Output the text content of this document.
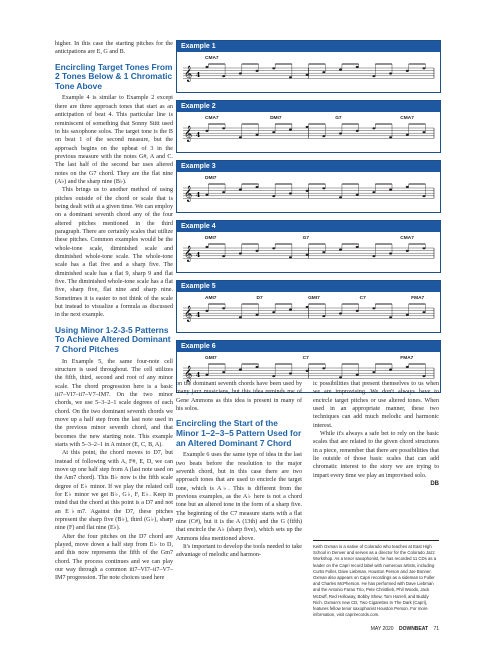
higher. In this case the starting pitches for the anticipations are E, G and B.

Encircling Target Tones From 2 Tones Below & 1 Chromatic Tone Above

Example 4 is similar to Example 2 except there are three approach tones that start as an anticipation of beat 4. This particular line is reminiscent of something that Sonny Stitt used in his saxophone solos. The target tone is the B on beat 1 of the second measure, but the approach begins on the upbeat of 3 in the previous measure with the notes G#, A and C. The last half of the second bar uses altered notes on the G7 chord. They are the flat nine (A♭) and the sharp nine (B♭).

This brings us to another method of using pitches outside of the chord or scale that is being dealt with at a given time. We can employ on a dominant seventh chord any of the four altered pitches mentioned in the third paragraph. There are certainly scales that utilize these pitches. Common examples would be the whole-tone scale, diminished scale and diminished whole-tone scale. The whole-tone scale has a flat five and a sharp five. The diminished scale has a flat 9, sharp 9 and flat five. The diminished whole-tone scale has a flat five, sharp five, flat nine and sharp nine. Sometimes it is easier to not think of the scale but instead to visualize a formula as discussed in the next example.

Using Minor 1-2-3-5 Patterns To Achieve Altered Dominant 7 Chord Pitches

In Example 5, the same four-note cell structure is used throughout. The cell utilizes the fifth, third, second and root of any minor scale. The chord progression here is a basic iii7–VI7–ii7–V7–IM7. On the two minor chords, we use 5–3–2–1 scale degrees of each chord. On the two dominant seventh chords we move up a half step from the last note used in the previous minor seventh chord, and that becomes the new starting note. This example starts with 5–3–2–1 in A minor (E, C, B, A).

At this point, the chord moves to D7, but instead of following with A, F#, E, D, we can move up one half step from A (last note used on the Am7 chord). This B♭ now is the fifth scale degree of E♭ minor. If we play the related cell for E♭ minor we get B♭, G♭, F, E♭. Keep in mind that the chord at this point is a D7 and not an E♭m7. Against the D7, these pitches represent the sharp five (B♭), third (G♭), sharp nine (F) and flat nine (E♭).

After the four pitches on the D7 chord are played, move down a half step from E♭ to D, and this now represents the fifth of the Gm7 chord. The process continues and we can play our way through a common iii7–VI7–ii7–V7–IM7 progression. The note choices used here

Example 1
𝄞 4
CMA7
Example 2
𝄞 4
CMA7	DMI7	G7	CMA7
Example 3
𝄞 4
DMI7
Example 4
𝄞 4
DMI7	G7	CMA7
Example 5
𝄞 4
AMI7	D7	GMI7	C7	FMA7
Example 6
𝄞 4
GMI7	C7	FMA7

on the dominant seventh chords have been used by many jazz musicians, but this idea reminds me of Gene Ammons as this idea is present in many of his solos.

Encircling the Start of the Minor 1–2–3–5 Pattern Used for an Altered Dominant 7 Chord

Example 6 uses the same type of idea in the last two beats before the resolution to the major seventh chord, but in this case there are two approach tones that are used to encircle the target tone, which is A♭. This is different from the previous examples, as the A♭ here is not a chord tone but an altered tone in the form of a sharp five. The beginning of the C7 measure starts with a flat nine (C#), but it is the A (13th) and the G (fifth) that encircle the A♭ (sharp five), which sets up the Ammons idea mentioned above.

It's important to develop the tools needed to take advantage of melodic and harmon-

ic possibilities that present themselves to us when we are improvising. We don't always have to encircle target pitches or use altered tones. When used in an appropriate manner, these two techniques can add much melodic and harmonic interest.

While it's always a safe bet to rely on the basic scales that are related to the given chord structures in a piece, remember that there are possibilities that lie outside of those basic scales that can add chromatic interest to the story we are trying to impart every time we play an improvised solo.
DB

Keith Oxman is a native of Colorado who teaches at East High School in Denver and serves as a director for the Colorado Jazz Workshop. As a tenor saxophonist, he has recorded 11 CDs as a leader on the Capri record label with numerous artists, including Curtis Fuller, Dave Liebman, Houston Person and Joe Bonner. Oxman also appears on Capri recordings as a sideman to Fuller and Charles McPherson. He has performed with Dave Liebman and the Antonio Farao Trio, Pete Christlieb, Phil Woods, Jack McDuff, Red Holloway, Bobby Shew, Tom Harrell, and Buddy Rich. Oxman's new CD, Two Cigarettes In The Dark (Capri), features fellow tenor saxophonist Houston Person. For more information, visit caprirecords.com.
MAY 2020 DOWNBEAT 71
